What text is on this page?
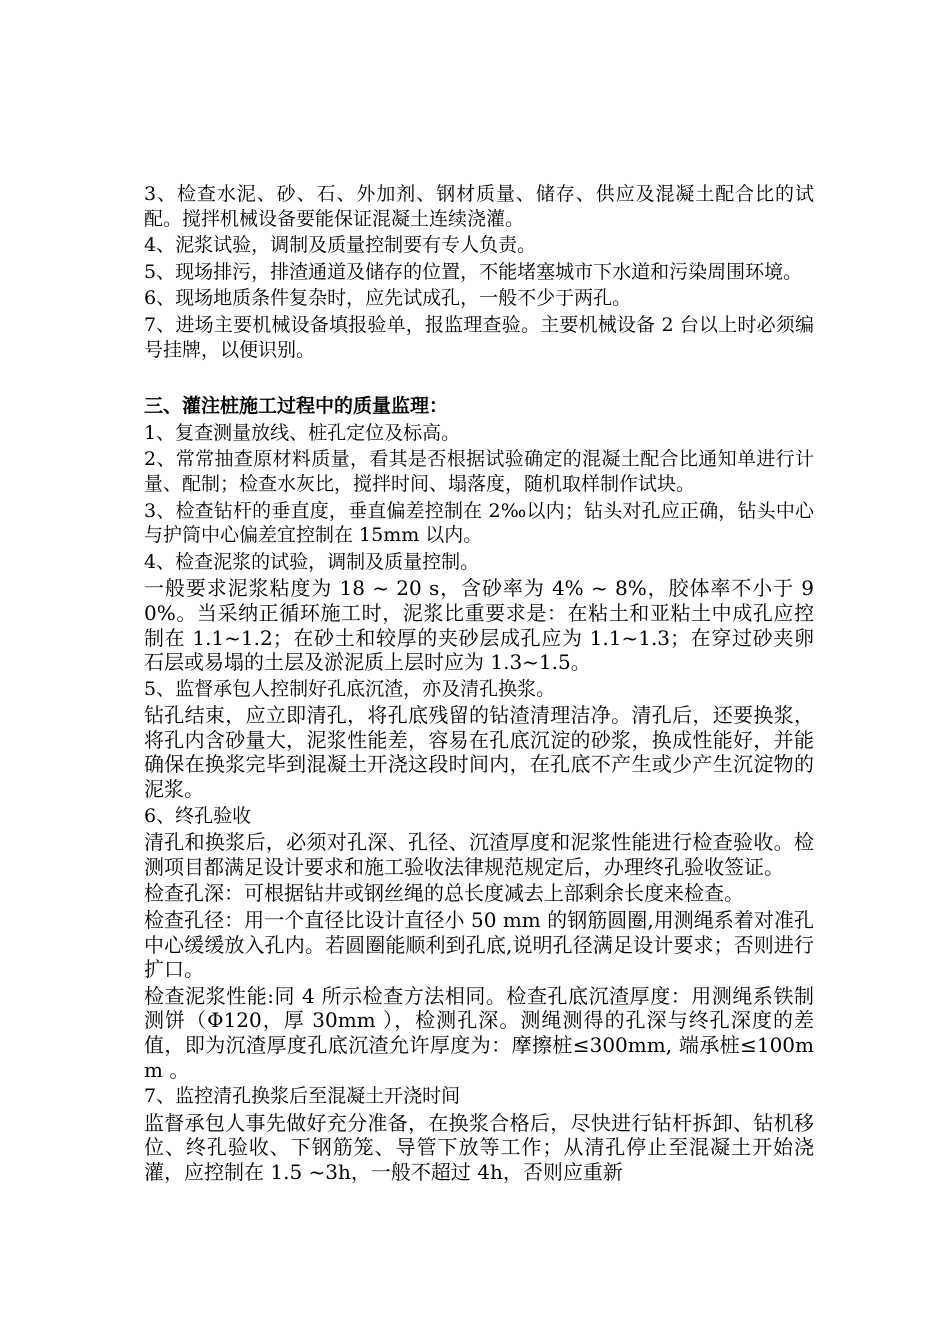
3、检查水泥、砂、石、外加剂、钢材质量、储存、供应及混凝土配合比的试配。搅拌机械设备要能保证混凝土连续浇灌。

4、泥浆试验，调制及质量控制要有专人负责。

5、现场排污，排渣通道及储存的位置，不能堵塞城市下水道和污染周围环境。

6、现场地质条件复杂时，应先试成孔，一般不少于两孔。

7、进场主要机械设备填报验单，报监理查验。主要机械设备 2 台以上时必须编号挂牌，以便识别。

三、灌注桩施工过程中的质量监理：

1、复查测量放线、桩孔定位及标高。

2、常常抽查原材料质量，看其是否根据试验确定的混凝土配合比通知单进行计量、配制；检查水灰比，搅拌时间、塌落度，随机取样制作试块。

3、检查钻杆的垂直度，垂直偏差控制在 2‰以内；钻头对孔应正确，钻头中心与护筒中心偏差宜控制在 15mm 以内。

4、检查泥浆的试验，调制及质量控制。

一般要求泥浆粘度为 18 ~ 20 s，含砂率为 4% ~ 8%，胶体率不小于 90%。当采纳正循环施工时，泥浆比重要求是：在粘土和亚粘土中成孔应控制在 1.1~1.2；在砂土和较厚的夹砂层成孔应为 1.1~1.3；在穿过砂夹卵石层或易塌的土层及淤泥质上层时应为 1.3~1.5。

5、监督承包人控制好孔底沉渣，亦及清孔换浆。

钻孔结束，应立即清孔，将孔底残留的钻渣清理洁净。清孔后，还要换浆，将孔内含砂量大，泥浆性能差，容易在孔底沉淀的砂浆，换成性能好，并能确保在换浆完毕到混凝土开浇这段时间内，在孔底不产生或少产生沉淀物的泥浆。

6、终孔验收

清孔和换浆后，必须对孔深、孔径、沉渣厚度和泥浆性能进行检查验收。检测项目都满足设计要求和施工验收法律规范规定后，办理终孔验收签证。

检查孔深：可根据钻井或钢丝绳的总长度减去上部剩余长度来检查。

检查孔径：用一个直径比设计直径小 50 mm 的钢筋圆圈,用测绳系着对准孔中心缓缓放入孔内。若圆圈能顺利到孔底,说明孔径满足设计要求；否则进行扩口。

检查泥浆性能:同 4 所示检查方法相同。检查孔底沉渣厚度：用测绳系铁制测饼（Φ120，厚 30mm ），检测孔深。测绳测得的孔深与终孔深度的差值，即为沉渣厚度孔底沉渣允许厚度为：摩擦桩≤300mm, 端承桩≤100mm 。

7、监控清孔换浆后至混凝土开浇时间

监督承包人事先做好充分准备，在换浆合格后，尽快进行钻杆拆卸、钻机移位、终孔验收、下钢筋笼、导管下放等工作；从清孔停止至混凝土开始浇灌，应控制在 1.5 ~3h，一般不超过 4h，否则应重新
